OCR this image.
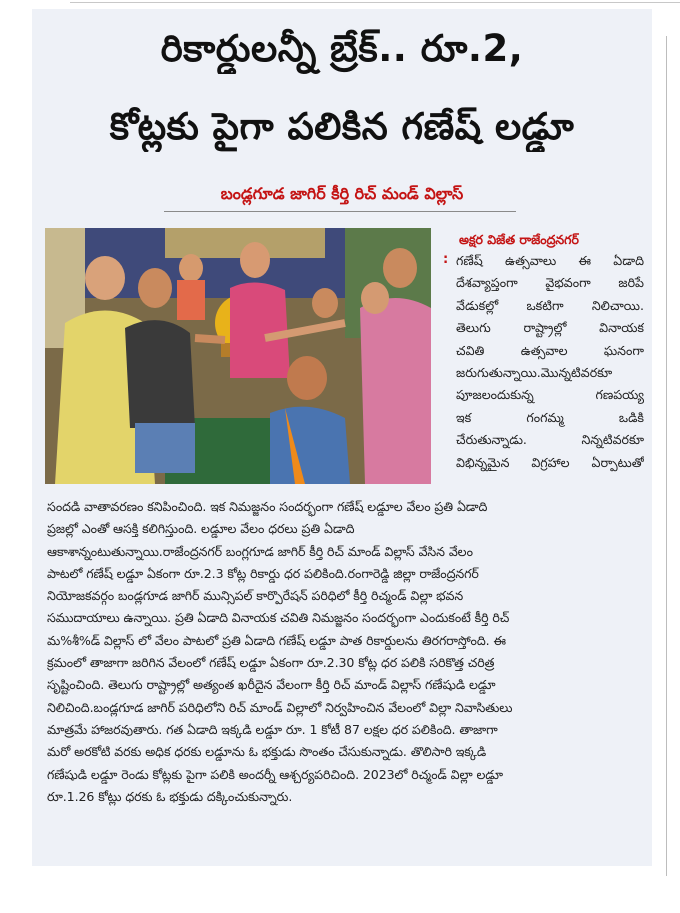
రికార్డులన్నీ బ్రేక్.. రూ.2,
కోట్లకు పైగా పలికిన గణేష్ లడ్డూ
బండ్లగూడ జాగిర్ కీర్తి రిచ్ మండ్ విల్లాస్
అక్షర విజేత రాజేంద్రనగర్
: గణేష్ ఉత్సవాలు ఈ ఏడాది
దేశవ్యాప్తంగా వైభవంగా జరిపే
వేడుకల్లో ఒకటిగా నిలిచాయి.
తెలుగు రాష్ట్రాల్లో వినాయక
చవితి ఉత్సవాల ఘనంగా
జరుగుతున్నాయి.మొన్నటివరకూ
పూజలందుకున్న గణపయ్య
ఇక గంగమ్మ ఒడికి
చేరుతున్నాడు. నిన్నటివరకూ
విభిన్నమైన విగ్రహాల ఏర్పాటుతో
సందడి వాతావరణం కనిపించింది. ఇక నిమజ్జనం సందర్భంగా గణేష్ లడ్డూల వేలం ప్రతి ఏడాది
ప్రజల్లో ఎంతో ఆసక్తి కలిగిస్తుంది. లడ్డూల వేలం ధరలు ప్రతి ఏడాది
ఆకాశాన్నంటుతున్నాయి.రాజేంద్రనగర్ బంగ్లగూడ జాగిర్ కీర్తి రిచ్ మాండ్ విల్లాస్ వేసిన వేలం
పాటలో గణేష్ లడ్డూ ఏకంగా రూ.2.3 కోట్ల రికార్డు ధర పలికింది.రంగారెడ్డి జిల్లా రాజేంద్రనగర్
నియోజకవర్గం బండ్లగూడ జాగిర్ మున్సిపల్ కార్పొరేషన్ పరిధిలో కీర్తి రిచ్మండ్ విల్లా భవన
సముదాయాలు ఉన్నాయి. ప్రతి ఏడాది వినాయక చవితి నిమజ్జనం సందర్భంగా ఎందుకంటే కీర్తి రిచ్
మ%శీ%డ్ విల్లాస్ లో వేలం పాటలో ప్రతి ఏడాది గణేష్ లడ్డూ పాత రికార్డులను తిరగరాస్తోంది. ఈ
క్రమంలో తాజాగా జరిగిన వేలంలో గణేష్ లడ్డూ ఏకంగా రూ.2.30 కోట్ల ధర పలికి సరికొత్త చరిత్ర
సృష్టించింది. తెలుగు రాష్ట్రాల్లో అత్యంత ఖరీదైన వేలంగా కీర్తి రిచ్ మాండ్ విల్లాస్ గణేషుడి లడ్డూ
నిలిచింది.బండ్లగూడ జాగిర్ పరిధిలోని రిచ్ మాండ్ విల్లాలో నిర్వహించిన వేలంలో విల్లా నివాసితులు
మాత్రమే హాజరవుతారు. గత ఏడాది ఇక్కడి లడ్డూ రూ. 1 కోటీ 87 లక్షల ధర పలికింది. తాజాగా
మరో అరకోటి వరకు అధిక ధరకు లడ్డూను ఓ భక్తుడు సొంతం చేసుకున్నాడు. తొలిసారి ఇక్కడి
గణేషుడి లడ్డూ రెండు కోట్లకు పైగా పలికి అందర్నీ ఆశ్చర్యపరిచింది. 2023లో రిచ్మండ్ విల్లా లడ్డూ
రూ.1.26 కోట్లు ధరకు ఓ భక్తుడు దక్కించుకున్నారు.
